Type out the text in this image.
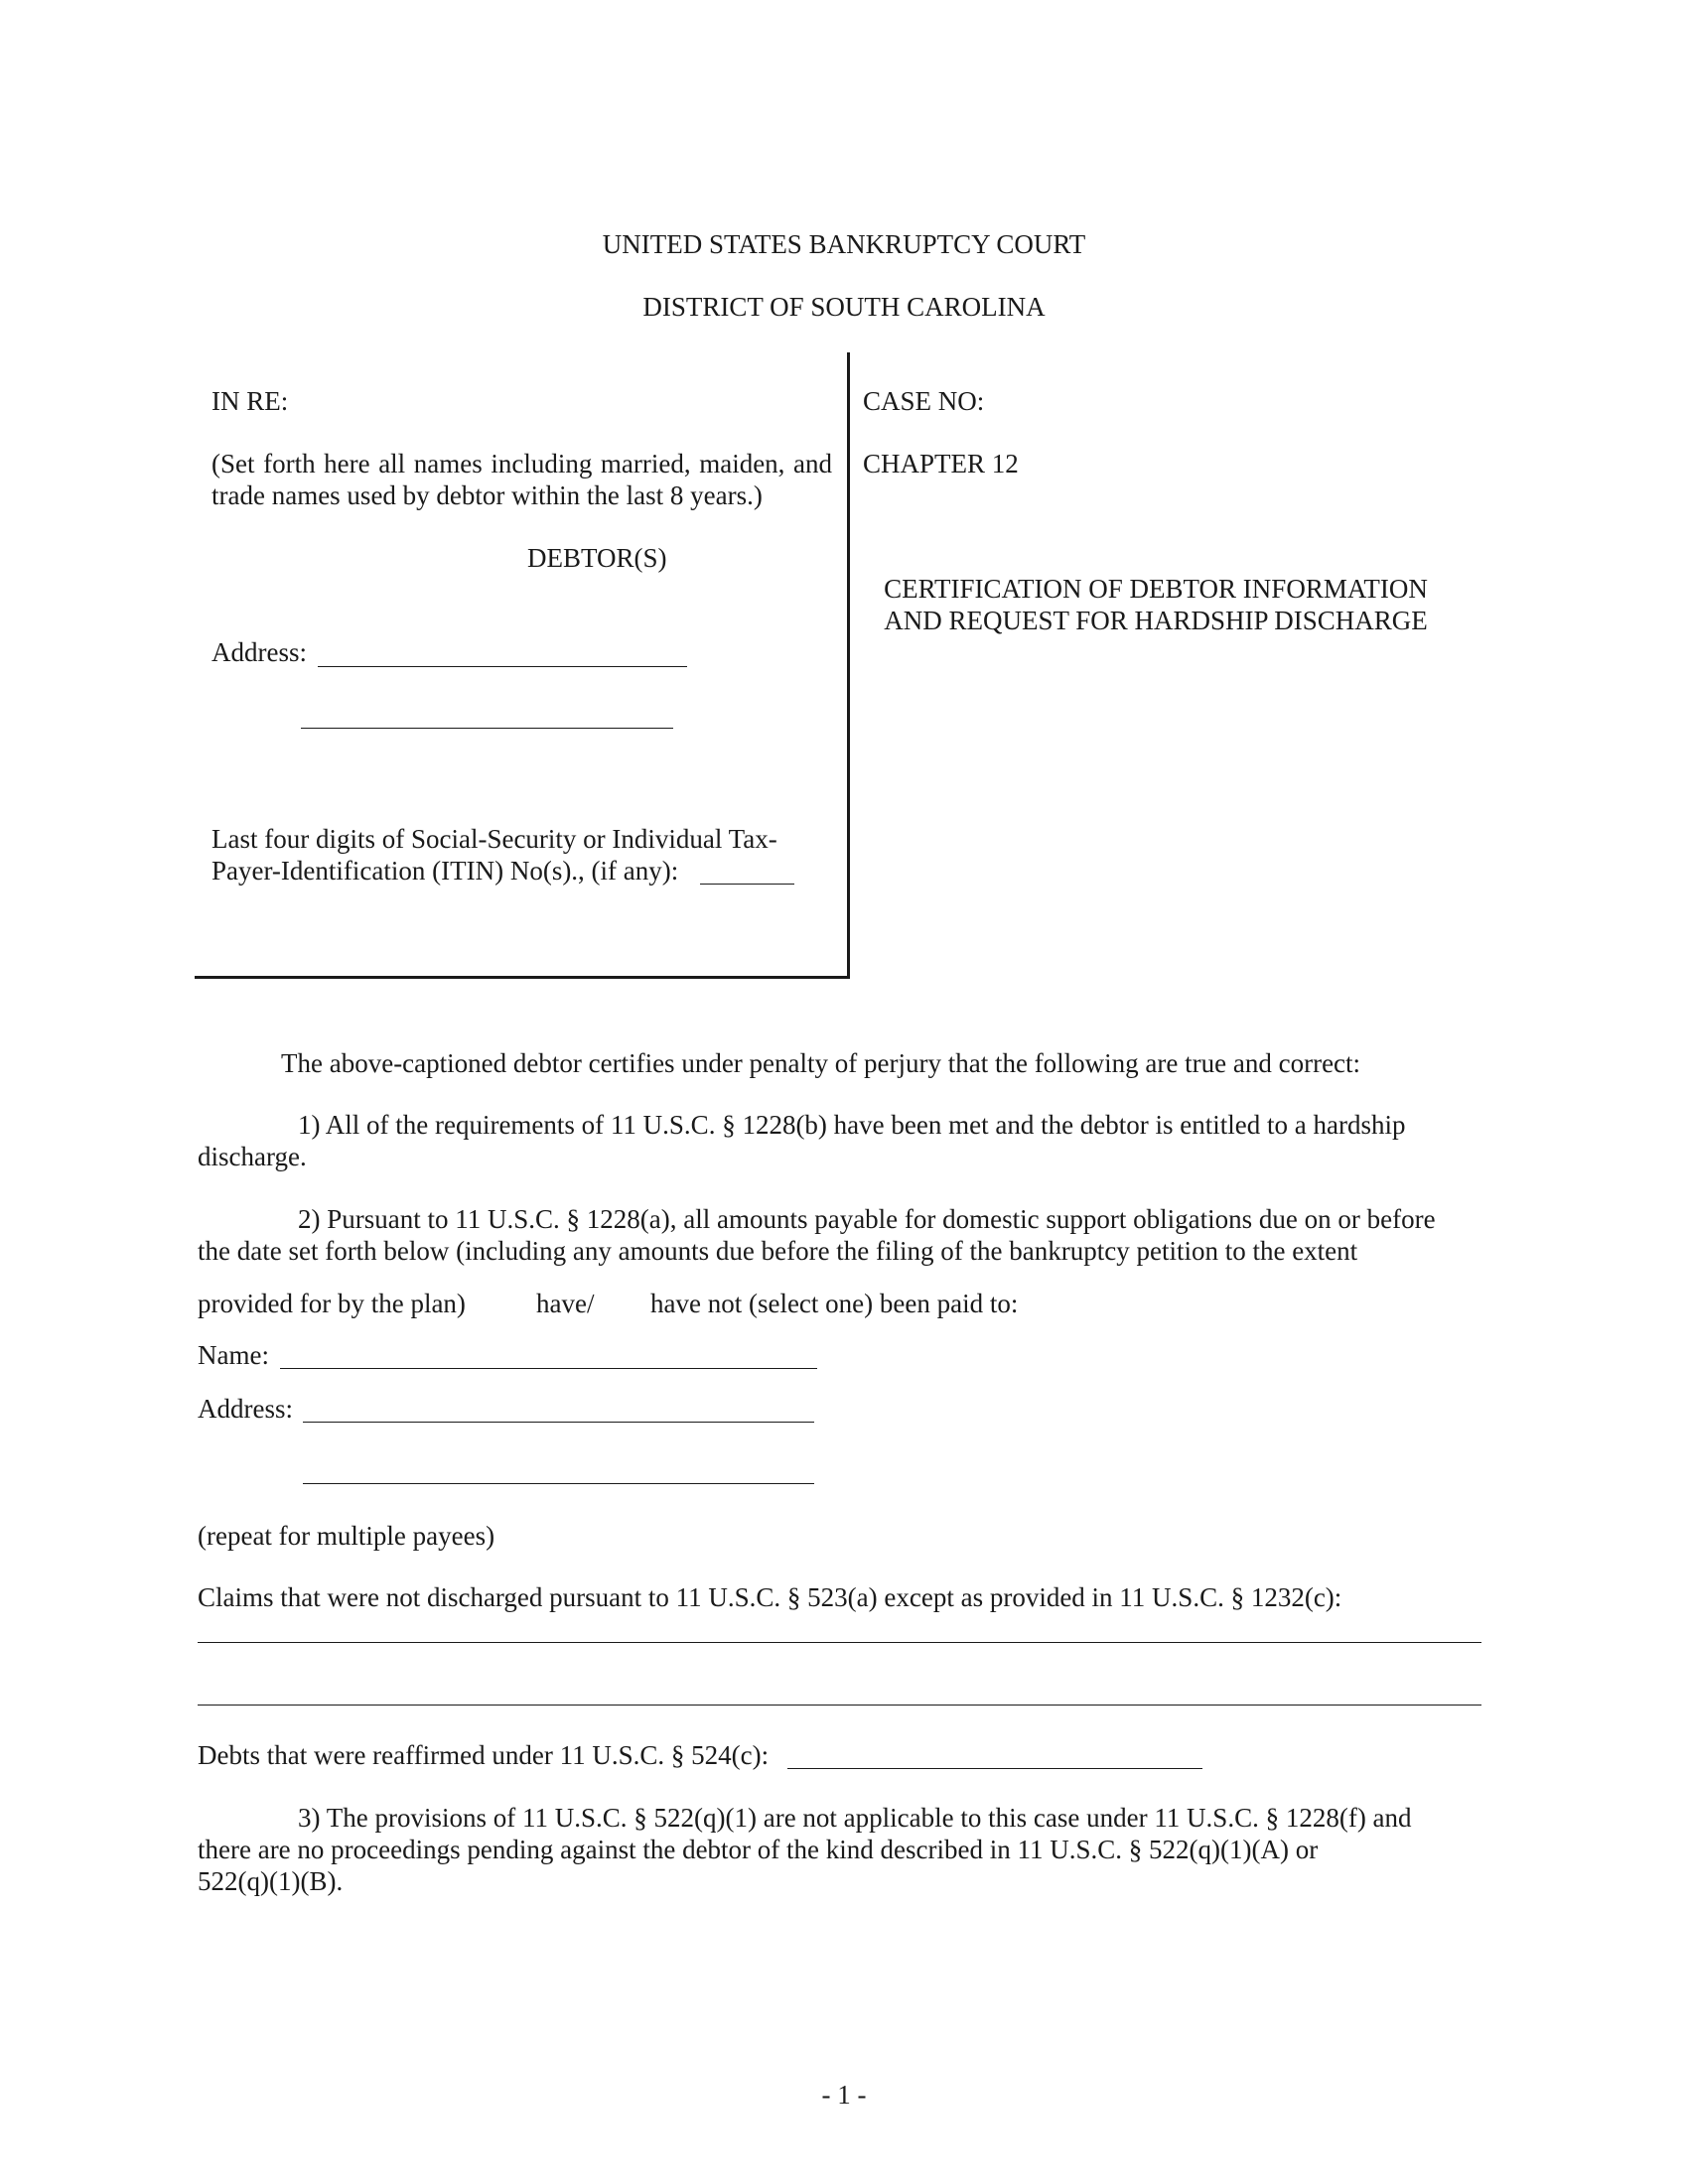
UNITED STATES BANKRUPTCY COURT
DISTRICT OF SOUTH CAROLINA
IN RE:
(Set forth here all names including married, maiden, and
trade names used by debtor within the last 8 years.)
DEBTOR(S)
Address:
Last four digits of Social-Security or Individual Tax-
Payer-Identification (ITIN) No(s)., (if any):
CASE NO:
CHAPTER 12
CERTIFICATION OF DEBTOR INFORMATION
AND REQUEST FOR HARDSHIP DISCHARGE
The above-captioned debtor certifies under penalty of perjury that the following are true and correct:
1) All of the requirements of 11 U.S.C. § 1228(b) have been met and the debtor is entitled to a hardship
discharge.
2) Pursuant to 11 U.S.C. § 1228(a), all amounts payable for domestic support obligations due on or before
the date set forth below (including any amounts due before the filing of the bankruptcy petition to the extent
provided for by the plan)	have/ have not (select one) been paid to:
Name:
Address:
(repeat for multiple payees)
Claims that were not discharged pursuant to 11 U.S.C. § 523(a) except as provided in 11 U.S.C. § 1232(c):
Debts that were reaffirmed under 11 U.S.C. § 524(c):
3) The provisions of 11 U.S.C. § 522(q)(1) are not applicable to this case under 11 U.S.C. § 1228(f) and
there are no proceedings pending against the debtor of the kind described in 11 U.S.C. § 522(q)(1)(A) or
522(q)(1)(B).
- 1 -
